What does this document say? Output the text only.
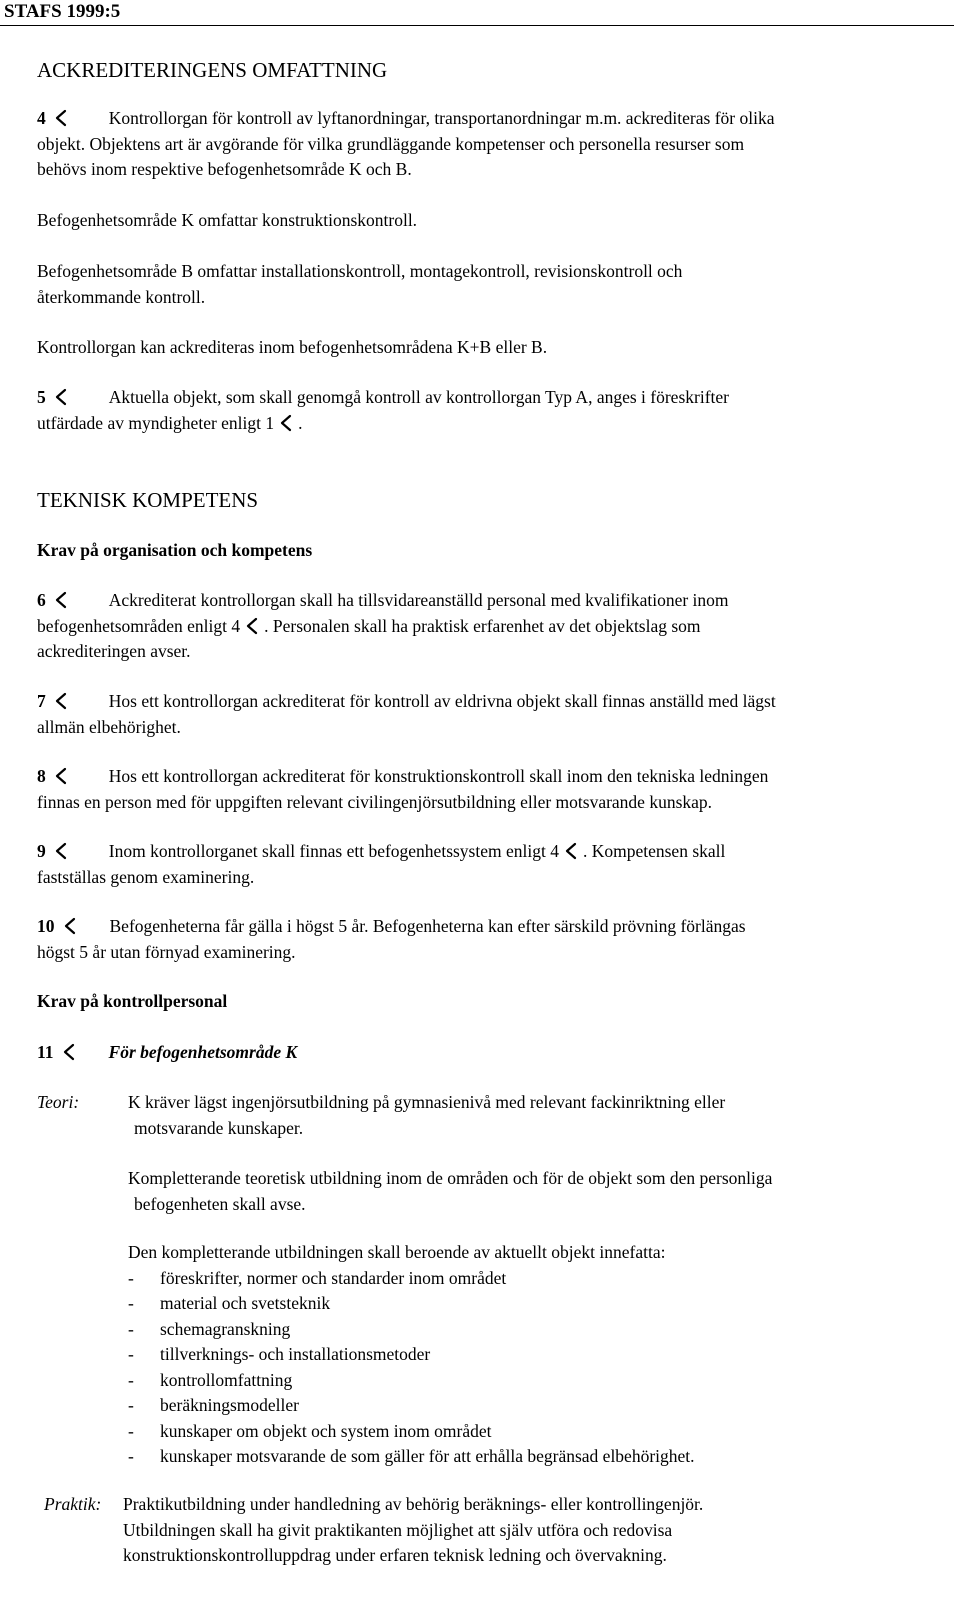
STAFS 1999:5
ACKREDITERINGENS OMFATTNING
4	Kontrollorgan för kontroll av lyftanordningar, transportanordningar m.m. ackrediteras för olika
objekt. Objektens art är avgörande för vilka grundläggande kompetenser och personella resurser som
behövs inom respektive befogenhetsområde K och B.
Befogenhetsområde K omfattar konstruktionskontroll.
Befogenhetsområde B omfattar installationskontroll, montagekontroll, revisionskontroll och
återkommande kontroll.
Kontrollorgan kan ackrediteras inom befogenhetsområdena K+B eller B.
5	Aktuella objekt, som skall genomgå kontroll av kontrollorgan Typ A, anges i föreskrifter
utfärdade av myndigheter enligt 1 .
TEKNISK KOMPETENS
Krav på organisation och kompetens
6	Ackrediterat kontrollorgan skall ha tillsvidareanställd personal med kvalifikationer inom
befogenhetsområden enligt 4 . Personalen skall ha praktisk erfarenhet av det objektslag som
ackrediteringen avser.
7	Hos ett kontrollorgan ackrediterat för kontroll av eldrivna objekt skall finnas anställd med lägst
allmän elbehörighet.
8	Hos ett kontrollorgan ackrediterat för konstruktionskontroll skall inom den tekniska ledningen
finnas en person med för uppgiften relevant civilingenjörsutbildning eller motsvarande kunskap.
9	Inom kontrollorganet skall finnas ett befogenhetssystem enligt 4 . Kompetensen skall
fastställas genom examinering.
10	Befogenheterna får gälla i högst 5 år. Befogenheterna kan efter särskild prövning förlängas
högst 5 år utan förnyad examinering.
Krav på kontrollpersonal
11	För befogenhetsområde K
Teori:	K kräver lägst ingenjörsutbildning på gymnasienivå med relevant fackinriktning eller
motsvarande kunskaper.
Kompletterande teoretisk utbildning inom de områden och för de objekt som den personliga
befogenheten skall avse.
Den kompletterande utbildningen skall beroende av aktuellt objekt innefatta:
- föreskrifter, normer och standarder inom området
- material och svetsteknik
- schemagranskning
- tillverknings- och installationsmetoder
- kontrollomfattning
- beräkningsmodeller
- kunskaper om objekt och system inom området
- kunskaper motsvarande de som gäller för att erhålla begränsad elbehörighet.
Praktik: Praktikutbildning under handledning av behörig beräknings- eller kontrollingenjör.
Utbildningen skall ha givit praktikanten möjlighet att själv utföra och redovisa
konstruktionskontrolluppdrag under erfaren teknisk ledning och övervakning.
